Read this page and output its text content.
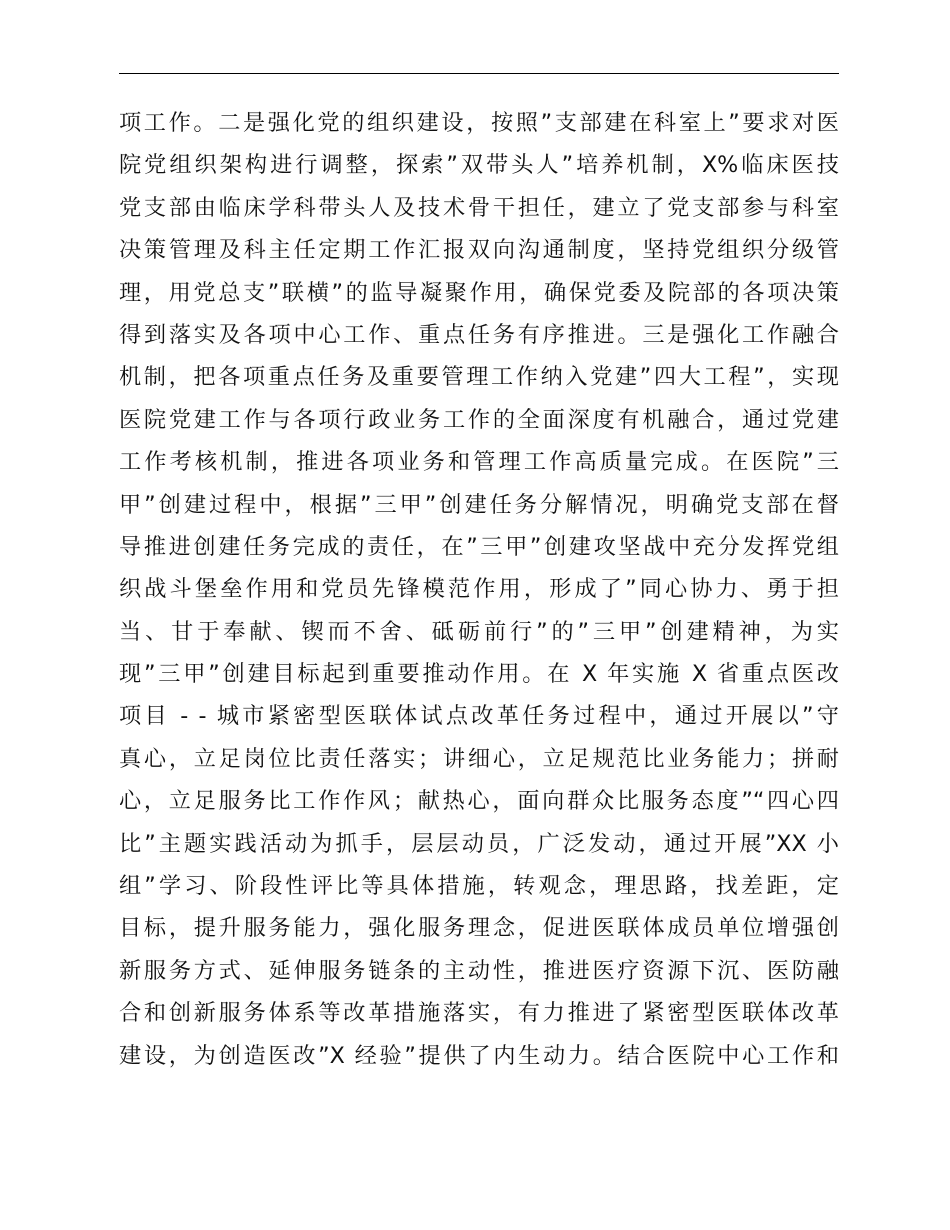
项工作。二是强化党的组织建设，按照”支部建在科室上”要求对医
院党组织架构进行调整，探索”双带头人”培养机制，X%临床医技
党支部由临床学科带头人及技术骨干担任，建立了党支部参与科室
决策管理及科主任定期工作汇报双向沟通制度，坚持党组织分级管
理，用党总支”联横”的监导凝聚作用，确保党委及院部的各项决策
得到落实及各项中心工作、重点任务有序推进。三是强化工作融合
机制，把各项重点任务及重要管理工作纳入党建”四大工程”，实现
医院党建工作与各项行政业务工作的全面深度有机融合，通过党建
工作考核机制，推进各项业务和管理工作高质量完成。在医院”三
甲”创建过程中，根据”三甲”创建任务分解情况，明确党支部在督
导推进创建任务完成的责任，在”三甲”创建攻坚战中充分发挥党组
织战斗堡垒作用和党员先锋模范作用，形成了”同心协力、勇于担
当、甘于奉献、锲而不舍、砥砺前行”的”三甲”创建精神，为实
现”三甲”创建目标起到重要推动作用。在 X 年实施 X 省重点医改
项目 - - 城市紧密型医联体试点改革任务过程中，通过开展以”守
真心，立足岗位比责任落实；讲细心，立足规范比业务能力；拼耐
心，立足服务比工作作风；献热心，面向群众比服务态度”“四心四
比”主题实践活动为抓手，层层动员，广泛发动，通过开展”XX 小
组”学习、阶段性评比等具体措施，转观念，理思路，找差距，定
目标，提升服务能力，强化服务理念，促进医联体成员单位增强创
新服务方式、延伸服务链条的主动性，推进医疗资源下沉、医防融
合和创新服务体系等改革措施落实，有力推进了紧密型医联体改革
建设，为创造医改”X 经验”提供了内生动力。结合医院中心工作和
